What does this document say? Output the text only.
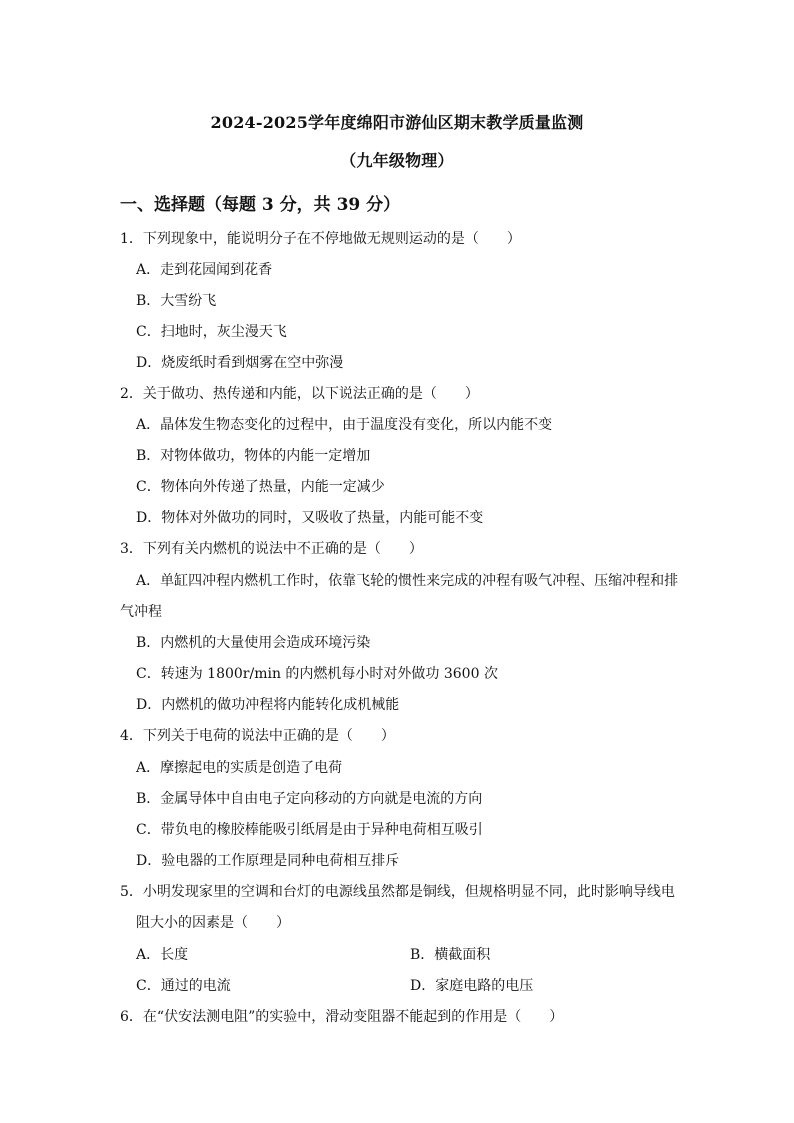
2024-2025学年度绵阳市游仙区期末教学质量监测
（九年级物理）
一、选择题（每题 3 分，共 39 分）
1．下列现象中，能说明分子在不停地做无规则运动的是（　　）
A．走到花园闻到花香
B．大雪纷飞
C．扫地时，灰尘漫天飞
D．烧废纸时看到烟雾在空中弥漫
2．关于做功、热传递和内能，以下说法正确的是（　　）
A．晶体发生物态变化的过程中，由于温度没有变化，所以内能不变
B．对物体做功，物体的内能一定增加
C．物体向外传递了热量，内能一定减少
D．物体对外做功的同时，又吸收了热量，内能可能不变
3．下列有关内燃机的说法中不正确的是（　　）
A．单缸四冲程内燃机工作时，依靠飞轮的惯性来完成的冲程有吸气冲程、压缩冲程和排
气冲程
B．内燃机的大量使用会造成环境污染
C．转速为 1800r/min 的内燃机每小时对外做功 3600 次
D．内燃机的做功冲程将内能转化成机械能
4．下列关于电荷的说法中正确的是（　　）
A．摩擦起电的实质是创造了电荷
B．金属导体中自由电子定向移动的方向就是电流的方向
C．带负电的橡胶棒能吸引纸屑是由于异种电荷相互吸引
D．验电器的工作原理是同种电荷相互排斥
5．小明发现家里的空调和台灯的电源线虽然都是铜线，但规格明显不同，此时影响导线电
阻大小的因素是（　　）
A．长度	B．横截面积
C．通过的电流	D．家庭电路的电压
6．在“伏安法测电阻”的实验中，滑动变阻器不能起到的作用是（　　）
